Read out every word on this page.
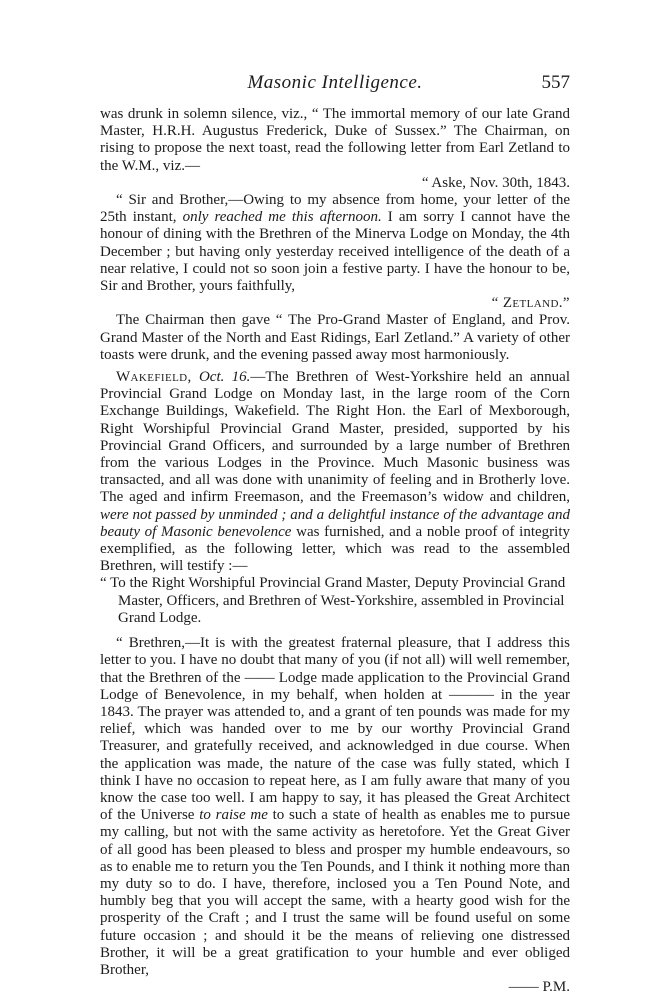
Masonic Intelligence.	557

was drunk in solemn silence, viz., “ The immortal memory of our late Grand Master, H.R.H. Augustus Frederick, Duke of Sussex.” The Chairman, on rising to propose the next toast, read the following letter from Earl Zetland to the W.M., viz.—

“ Aske, Nov. 30th, 1843.

“ Sir and Brother,—Owing to my absence from home, your letter of the 25th instant, only reached me this afternoon. I am sorry I cannot have the honour of dining with the Brethren of the Minerva Lodge on Monday, the 4th December ; but having only yesterday received intelligence of the death of a near relative, I could not so soon join a festive party. I have the honour to be, Sir and Brother, yours faithfully,

“ Zetland.”

The Chairman then gave “ The Pro-Grand Master of England, and Prov. Grand Master of the North and East Ridings, Earl Zetland.” A variety of other toasts were drunk, and the evening passed away most harmoniously.

Wakefield, Oct. 16.—The Brethren of West-Yorkshire held an annual Provincial Grand Lodge on Monday last, in the large room of the Corn Exchange Buildings, Wakefield. The Right Hon. the Earl of Mexborough, Right Worshipful Provincial Grand Master, presided, supported by his Provincial Grand Officers, and surrounded by a large number of Brethren from the various Lodges in the Province. Much Masonic business was transacted, and all was done with unanimity of feeling and in Brotherly love. The aged and infirm Freemason, and the Freemason’s widow and children, were not passed by unminded ; and a delightful instance of the advantage and beauty of Masonic benevolence was furnished, and a noble proof of integrity exemplified, as the following letter, which was read to the assembled Brethren, will testify :—

“ To the Right Worshipful Provincial Grand Master, Deputy Provincial Grand Master, Officers, and Brethren of West-Yorkshire, assembled in Provincial Grand Lodge.

“ Brethren,—It is with the greatest fraternal pleasure, that I address this letter to you. I have no doubt that many of you (if not all) will well remember, that the Brethren of the —— Lodge made application to the Provincial Grand Lodge of Benevolence, in my behalf, when holden at ——— in the year 1843. The prayer was attended to, and a grant of ten pounds was made for my relief, which was handed over to me by our worthy Provincial Grand Treasurer, and gratefully received, and acknowledged in due course. When the application was made, the nature of the case was fully stated, which I think I have no occasion to repeat here, as I am fully aware that many of you know the case too well. I am happy to say, it has pleased the Great Architect of the Universe to raise me to such a state of health as enables me to pursue my calling, but not with the same activity as heretofore. Yet the Great Giver of all good has been pleased to bless and prosper my humble endeavours, so as to enable me to return you the Ten Pounds, and I think it nothing more than my duty so to do. I have, therefore, inclosed you a Ten Pound Note, and humbly beg that you will accept the same, with a hearty good wish for the prosperity of the Craft ; and I trust the same will be found useful on some future occasion ; and should it be the means of relieving one distressed Brother, it will be a great gratification to your humble and ever obliged Brother,

—— P.M.
